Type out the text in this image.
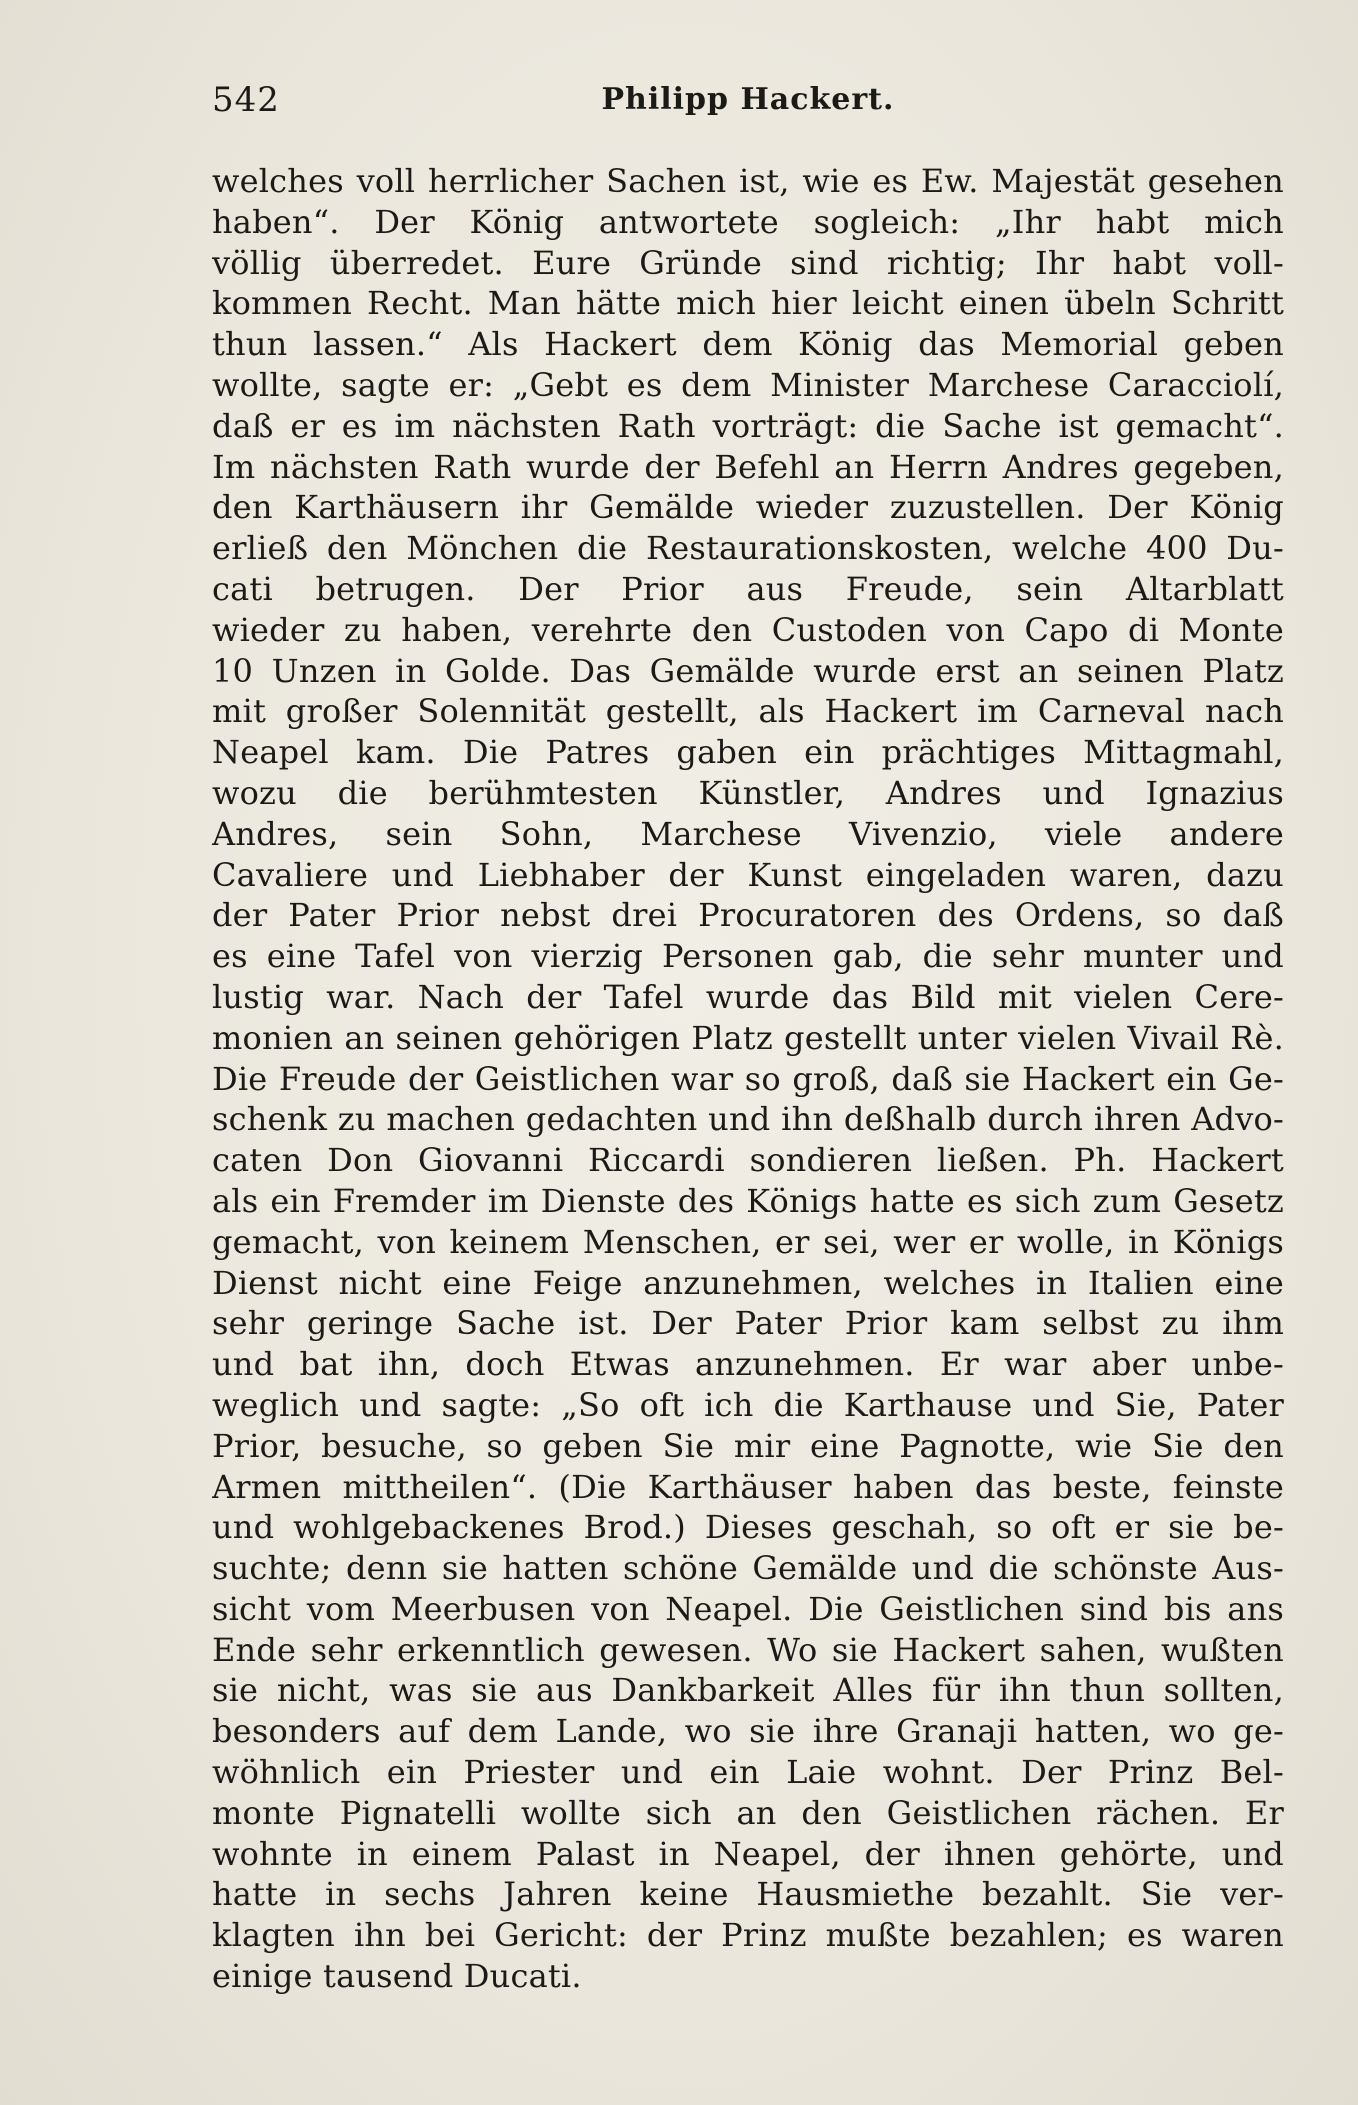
542	Philipp Hackert.
welches voll herrlicher Sachen ist, wie es Ew. Majestät gesehen
haben“. Der König antwortete sogleich: „Ihr habt mich
völlig überredet. Eure Gründe sind richtig; Ihr habt voll-
kommen Recht. Man hätte mich hier leicht einen übeln Schritt
thun lassen.“ Als Hackert dem König das Memorial geben
wollte, sagte er: „Gebt es dem Minister Marchese Caracciolí,
daß er es im nächsten Rath vorträgt: die Sache ist gemacht“.
Im nächsten Rath wurde der Befehl an Herrn Andres gegeben,
den Karthäusern ihr Gemälde wieder zuzustellen. Der König
erließ den Mönchen die Restaurationskosten, welche 400 Du-
cati betrugen. Der Prior aus Freude, sein Altarblatt
wieder zu haben, verehrte den Custoden von Capo di Monte
10 Unzen in Golde. Das Gemälde wurde erst an seinen Platz
mit großer Solennität gestellt, als Hackert im Carneval nach
Neapel kam. Die Patres gaben ein prächtiges Mittagmahl,
wozu die berühmtesten Künstler, Andres und Ignazius
Andres, sein Sohn, Marchese Vivenzio, viele andere
Cavaliere und Liebhaber der Kunst eingeladen waren, dazu
der Pater Prior nebst drei Procuratoren des Ordens, so daß
es eine Tafel von vierzig Personen gab, die sehr munter und
lustig war. Nach der Tafel wurde das Bild mit vielen Cere-
monien an seinen gehörigen Platz gestellt unter vielen Vivail Rè.
Die Freude der Geistlichen war so groß, daß sie Hackert ein Ge-
schenk zu machen gedachten und ihn deßhalb durch ihren Advo-
caten Don Giovanni Riccardi sondieren ließen. Ph. Hackert
als ein Fremder im Dienste des Königs hatte es sich zum Gesetz
gemacht, von keinem Menschen, er sei, wer er wolle, in Königs
Dienst nicht eine Feige anzunehmen, welches in Italien eine
sehr geringe Sache ist. Der Pater Prior kam selbst zu ihm
und bat ihn, doch Etwas anzunehmen. Er war aber unbe-
weglich und sagte: „So oft ich die Karthause und Sie, Pater
Prior, besuche, so geben Sie mir eine Pagnotte, wie Sie den
Armen mittheilen“. (Die Karthäuser haben das beste, feinste
und wohlgebackenes Brod.) Dieses geschah, so oft er sie be-
suchte; denn sie hatten schöne Gemälde und die schönste Aus-
sicht vom Meerbusen von Neapel. Die Geistlichen sind bis ans
Ende sehr erkenntlich gewesen. Wo sie Hackert sahen, wußten
sie nicht, was sie aus Dankbarkeit Alles für ihn thun sollten,
besonders auf dem Lande, wo sie ihre Granaji hatten, wo ge-
wöhnlich ein Priester und ein Laie wohnt. Der Prinz Bel-
monte Pignatelli wollte sich an den Geistlichen rächen. Er
wohnte in einem Palast in Neapel, der ihnen gehörte, und
hatte in sechs Jahren keine Hausmiethe bezahlt. Sie ver-
klagten ihn bei Gericht: der Prinz mußte bezahlen; es waren
einige tausend Ducati.
